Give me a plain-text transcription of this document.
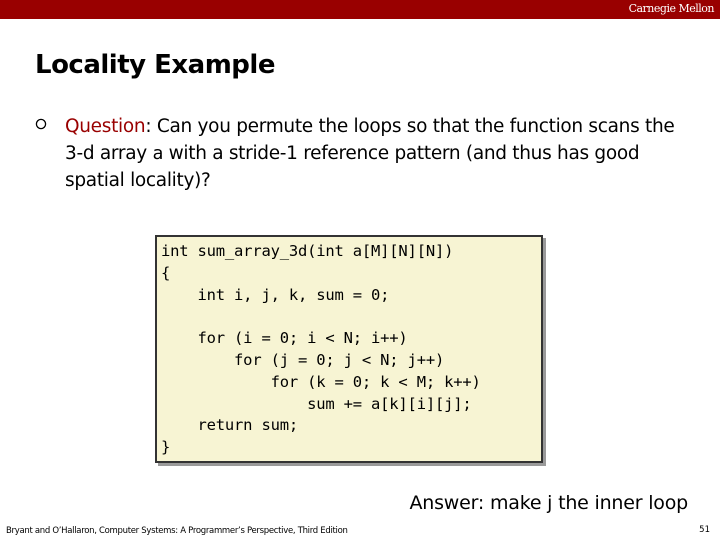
Carnegie Mellon
Locality Example
Question: Can you permute the loops so that the function scans the 3-d array a with a stride-1 reference pattern (and thus has good spatial locality)?
int sum_array_3d(int a[M][N][N])
{
int i, j, k, sum = 0;

for (i = 0; i < N; i++)
for (j = 0; j < N; j++)
for (k = 0; k < M; k++)
sum += a[k][i][j];
return sum;
}
Answer: make j the inner loop
Bryant and O’Hallaron, Computer Systems: A Programmer’s Perspective, Third Edition	51
